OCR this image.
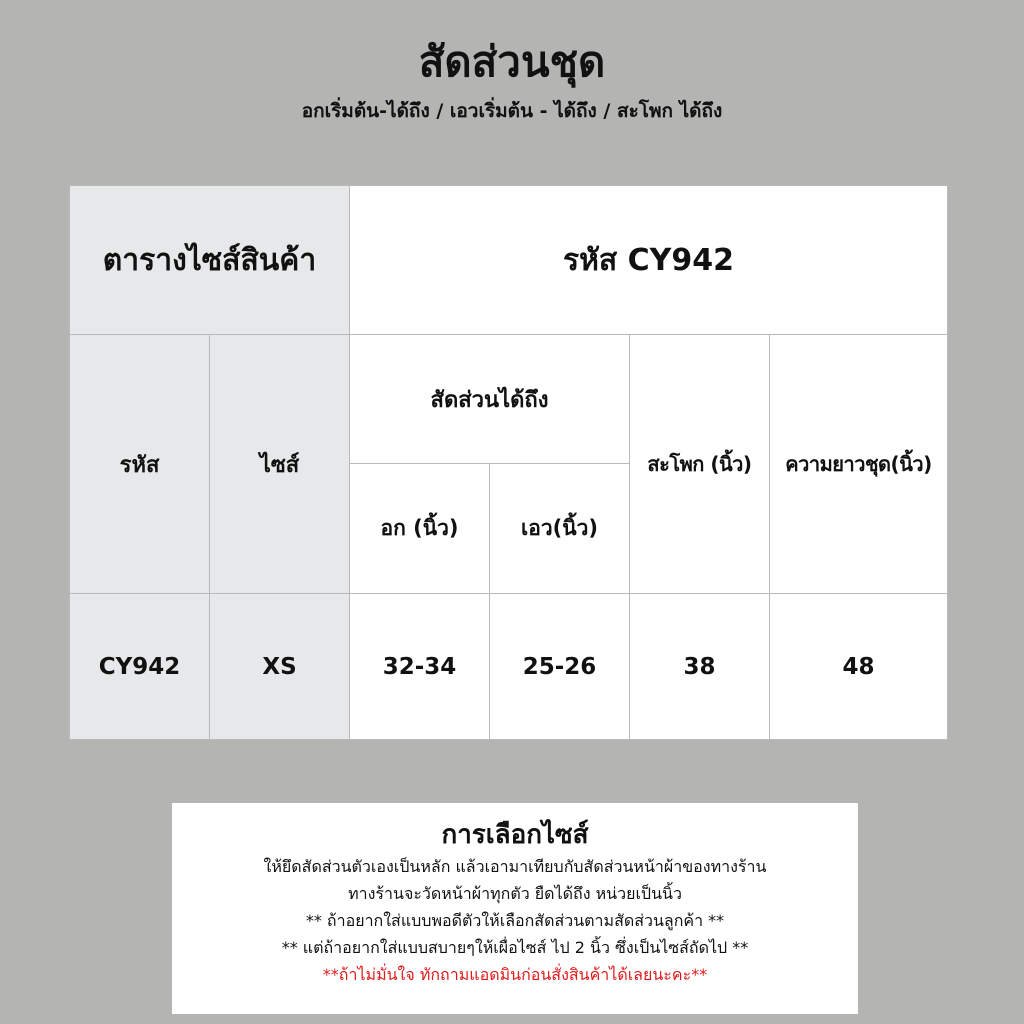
สัดส่วนชุด
อกเริ่มต้น-ได้ถึง / เอวเริ่มต้น - ได้ถึง / สะโพก ได้ถึง
ตารางไซส์สินค้า		รหัส CY942			
รหัส	ไซส์	สัดส่วนได้ถึง		สะโพก (นิ้ว)	ความยาวชุด(นิ้ว)
		อก (นิ้ว)	เอว(นิ้ว)		
CY942	XS	32-34	25-26	38	48
การเลือกไซส์
ให้ยึดสัดส่วนตัวเองเป็นหลัก แล้วเอามาเทียบกับสัดส่วนหน้าผ้าของทางร้าน
ทางร้านจะวัดหน้าผ้าทุกตัว ยืดได้ถึง หน่วยเป็นนิ้ว
** ถ้าอยากใส่แบบพอดีตัวให้เลือกสัดส่วนตามสัดส่วนลูกค้า **
** แต่ถ้าอยากใส่แบบสบายๆให้เผื่อไซส์ ไป 2 นิ้ว ซึ่งเป็นไซส์ถัดไป **
**ถ้าไม่มั่นใจ ทักถามแอดมินก่อนสั่งสินค้าได้เลยนะคะ**
